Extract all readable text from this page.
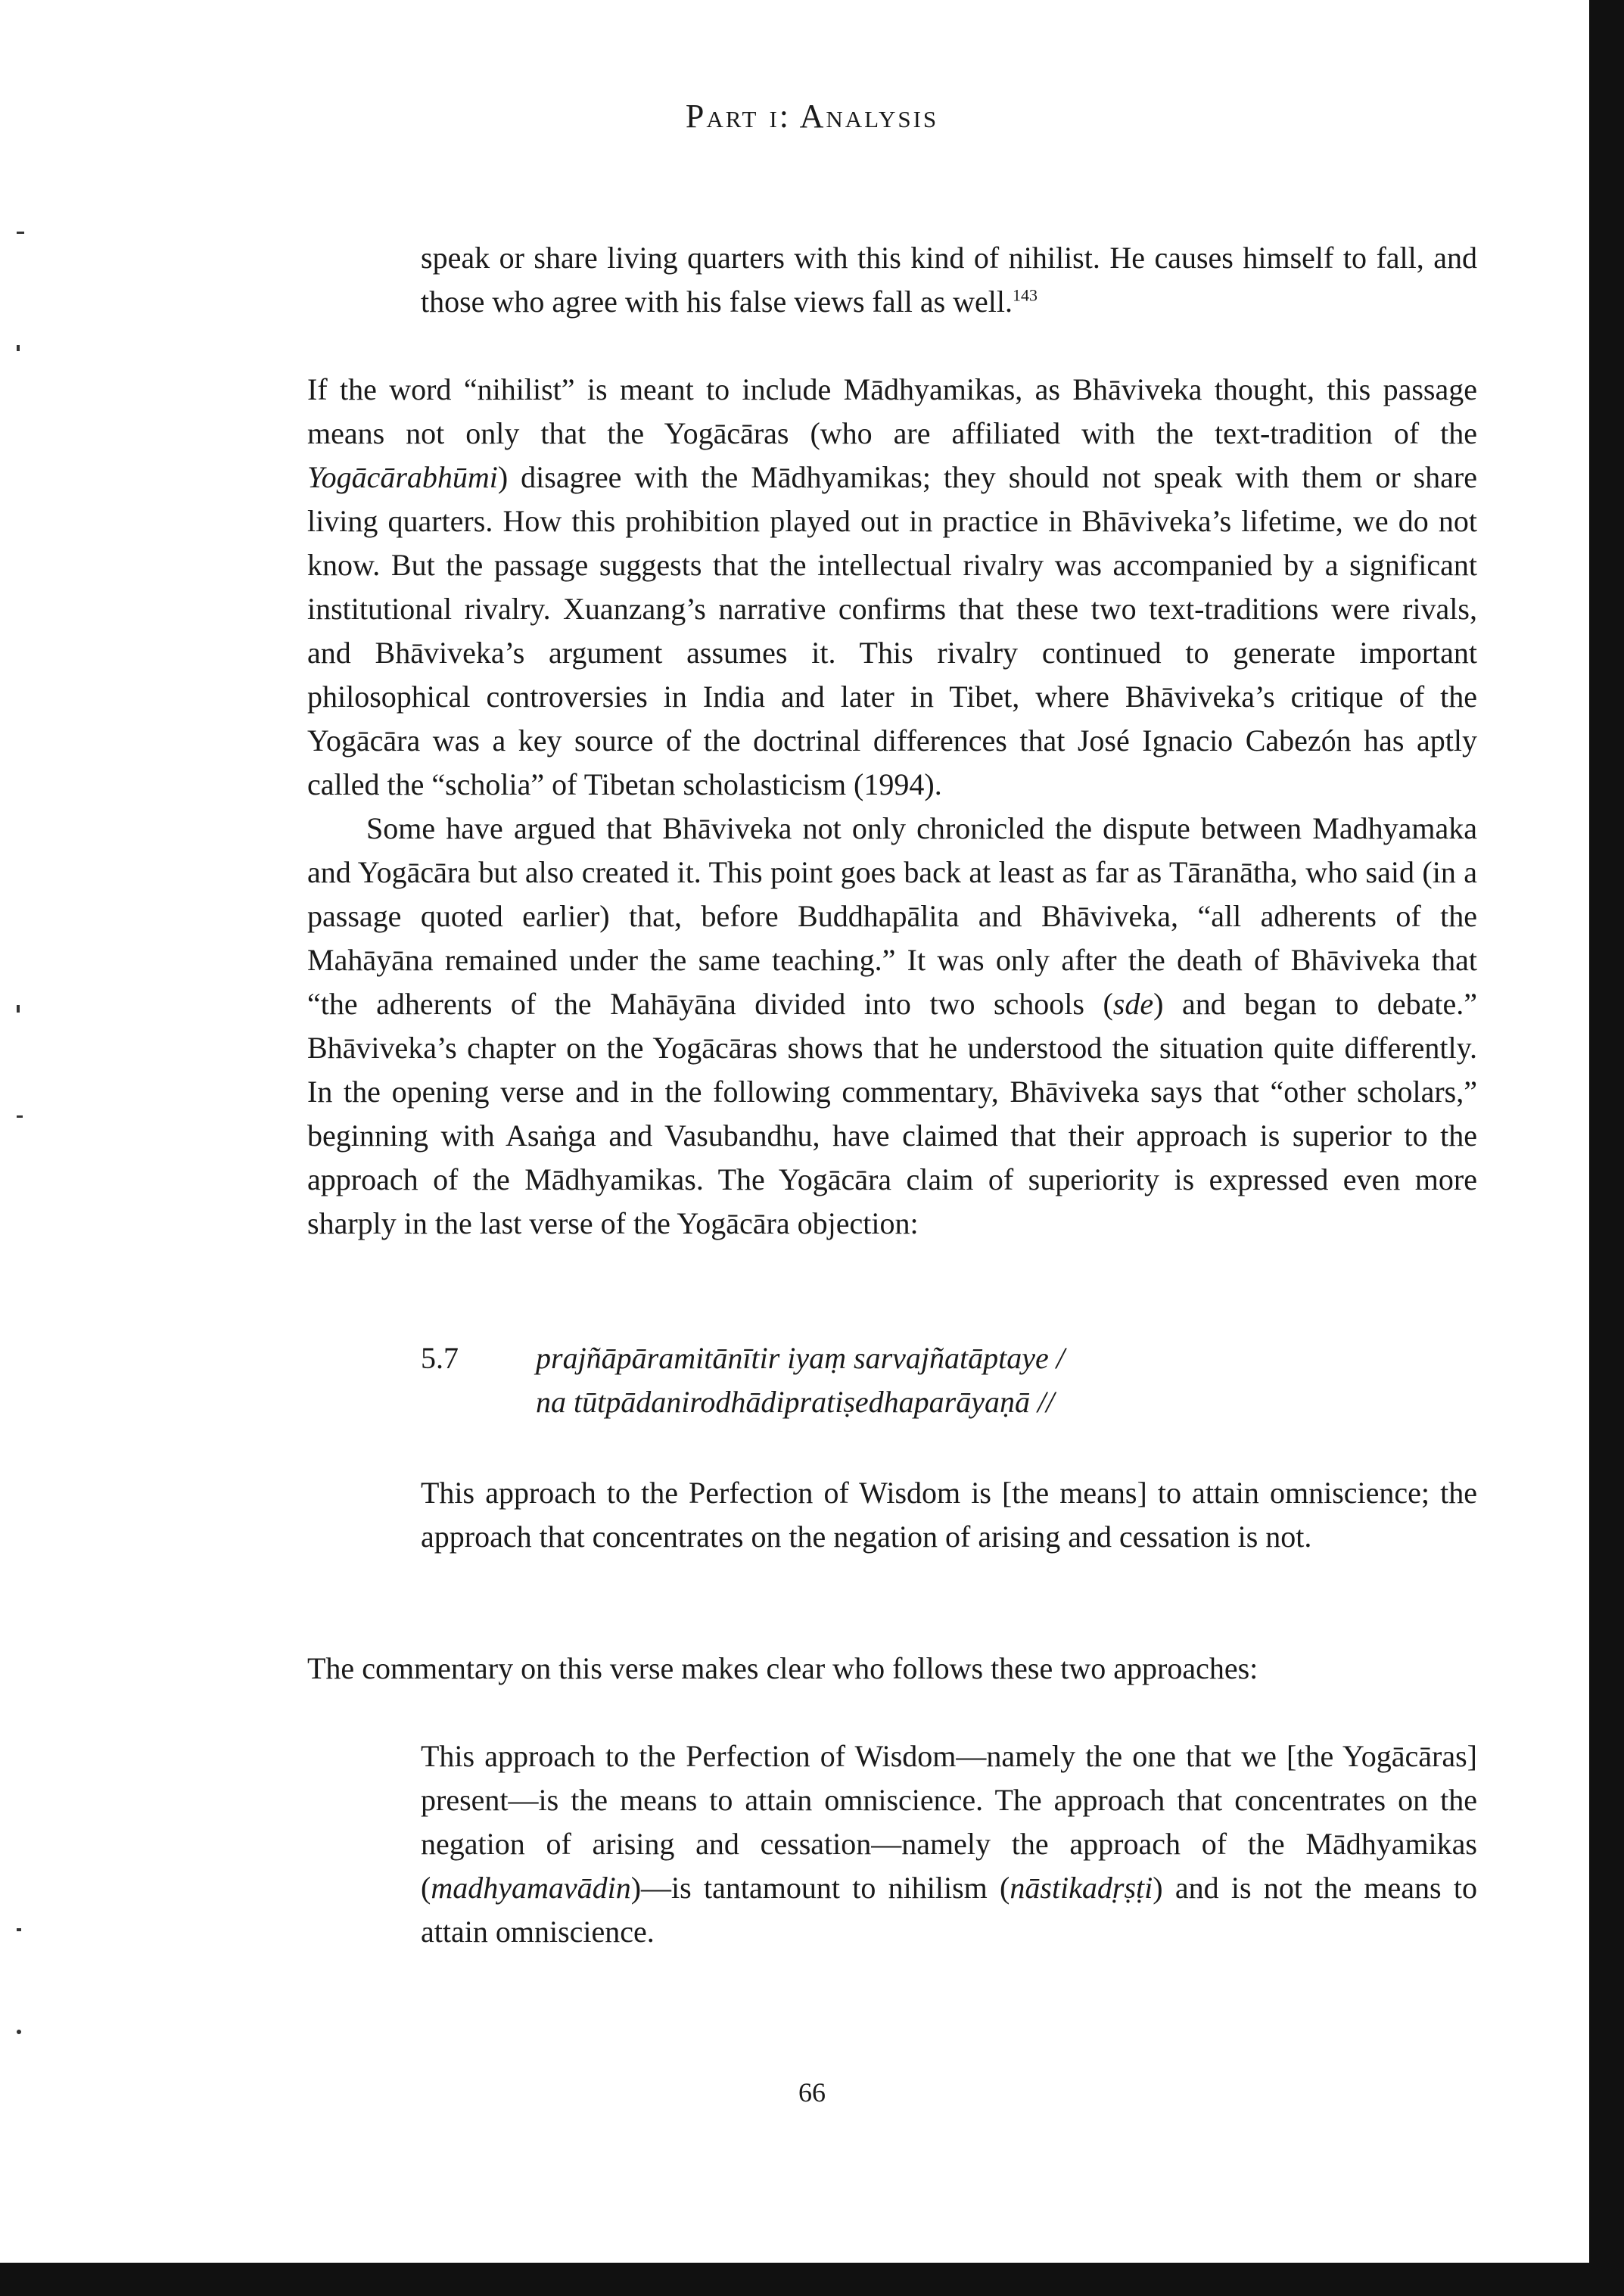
Part i: Analysis

speak or share living quarters with this kind of nihilist. He causes himself to fall, and those who agree with his false views fall as well.$^{143}$

If the word “nihilist” is meant to include Mādhyamikas, as Bhāviveka thought, this passage means not only that the Yogācāras (who are affiliated with the text-tradition of the Yogācārabhūmi) disagree with the Mādhyamikas; they should not speak with them or share living quarters. How this prohibition played out in practice in Bhāviveka’s lifetime, we do not know. But the passage suggests that the intellectual rivalry was accompanied by a significant institutional rivalry. Xuanzang’s narrative confirms that these two text-traditions were rivals, and Bhāviveka’s argument assumes it. This rivalry continued to generate important philosophical controversies in India and later in Tibet, where Bhāviveka’s critique of the Yogācāra was a key source of the doctrinal differences that José Ignacio Cabezón has aptly called the “scholia” of Tibetan scholasticism (1994).

Some have argued that Bhāviveka not only chronicled the dispute between Madhyamaka and Yogācāra but also created it. This point goes back at least as far as Tāranātha, who said (in a passage quoted earlier) that, before Buddhapālita and Bhāviveka, “all adherents of the Mahāyāna remained under the same teaching.” It was only after the death of Bhāviveka that “the adherents of the Mahāyāna divided into two schools (sde) and began to debate.” Bhāviveka’s chapter on the Yogācāras shows that he understood the situation quite differently. In the opening verse and in the following commentary, Bhāviveka says that “other scholars,” beginning with Asaṅga and Vasubandhu, have claimed that their approach is superior to the approach of the Mādhyamikas. The Yogācāra claim of superiority is expressed even more sharply in the last verse of the Yogācāra objection:

5.7	prajñāpāramitānītir iyaṃ sarvajñatāptaye /
na tūtpādanirodhādipratiṣedhaparāyaṇā //

This approach to the Perfection of Wisdom is [the means] to attain omniscience; the approach that concentrates on the negation of arising and cessation is not.

The commentary on this verse makes clear who follows these two approaches:

This approach to the Perfection of Wisdom—namely the one that we [the Yogācāras] present—is the means to attain omniscience. The approach that concentrates on the negation of arising and cessation—namely the approach of the Mādhyamikas (madhyamavādin)—is tantamount to nihilism (nāstikadṛṣṭi) and is not the means to attain omniscience.

66
